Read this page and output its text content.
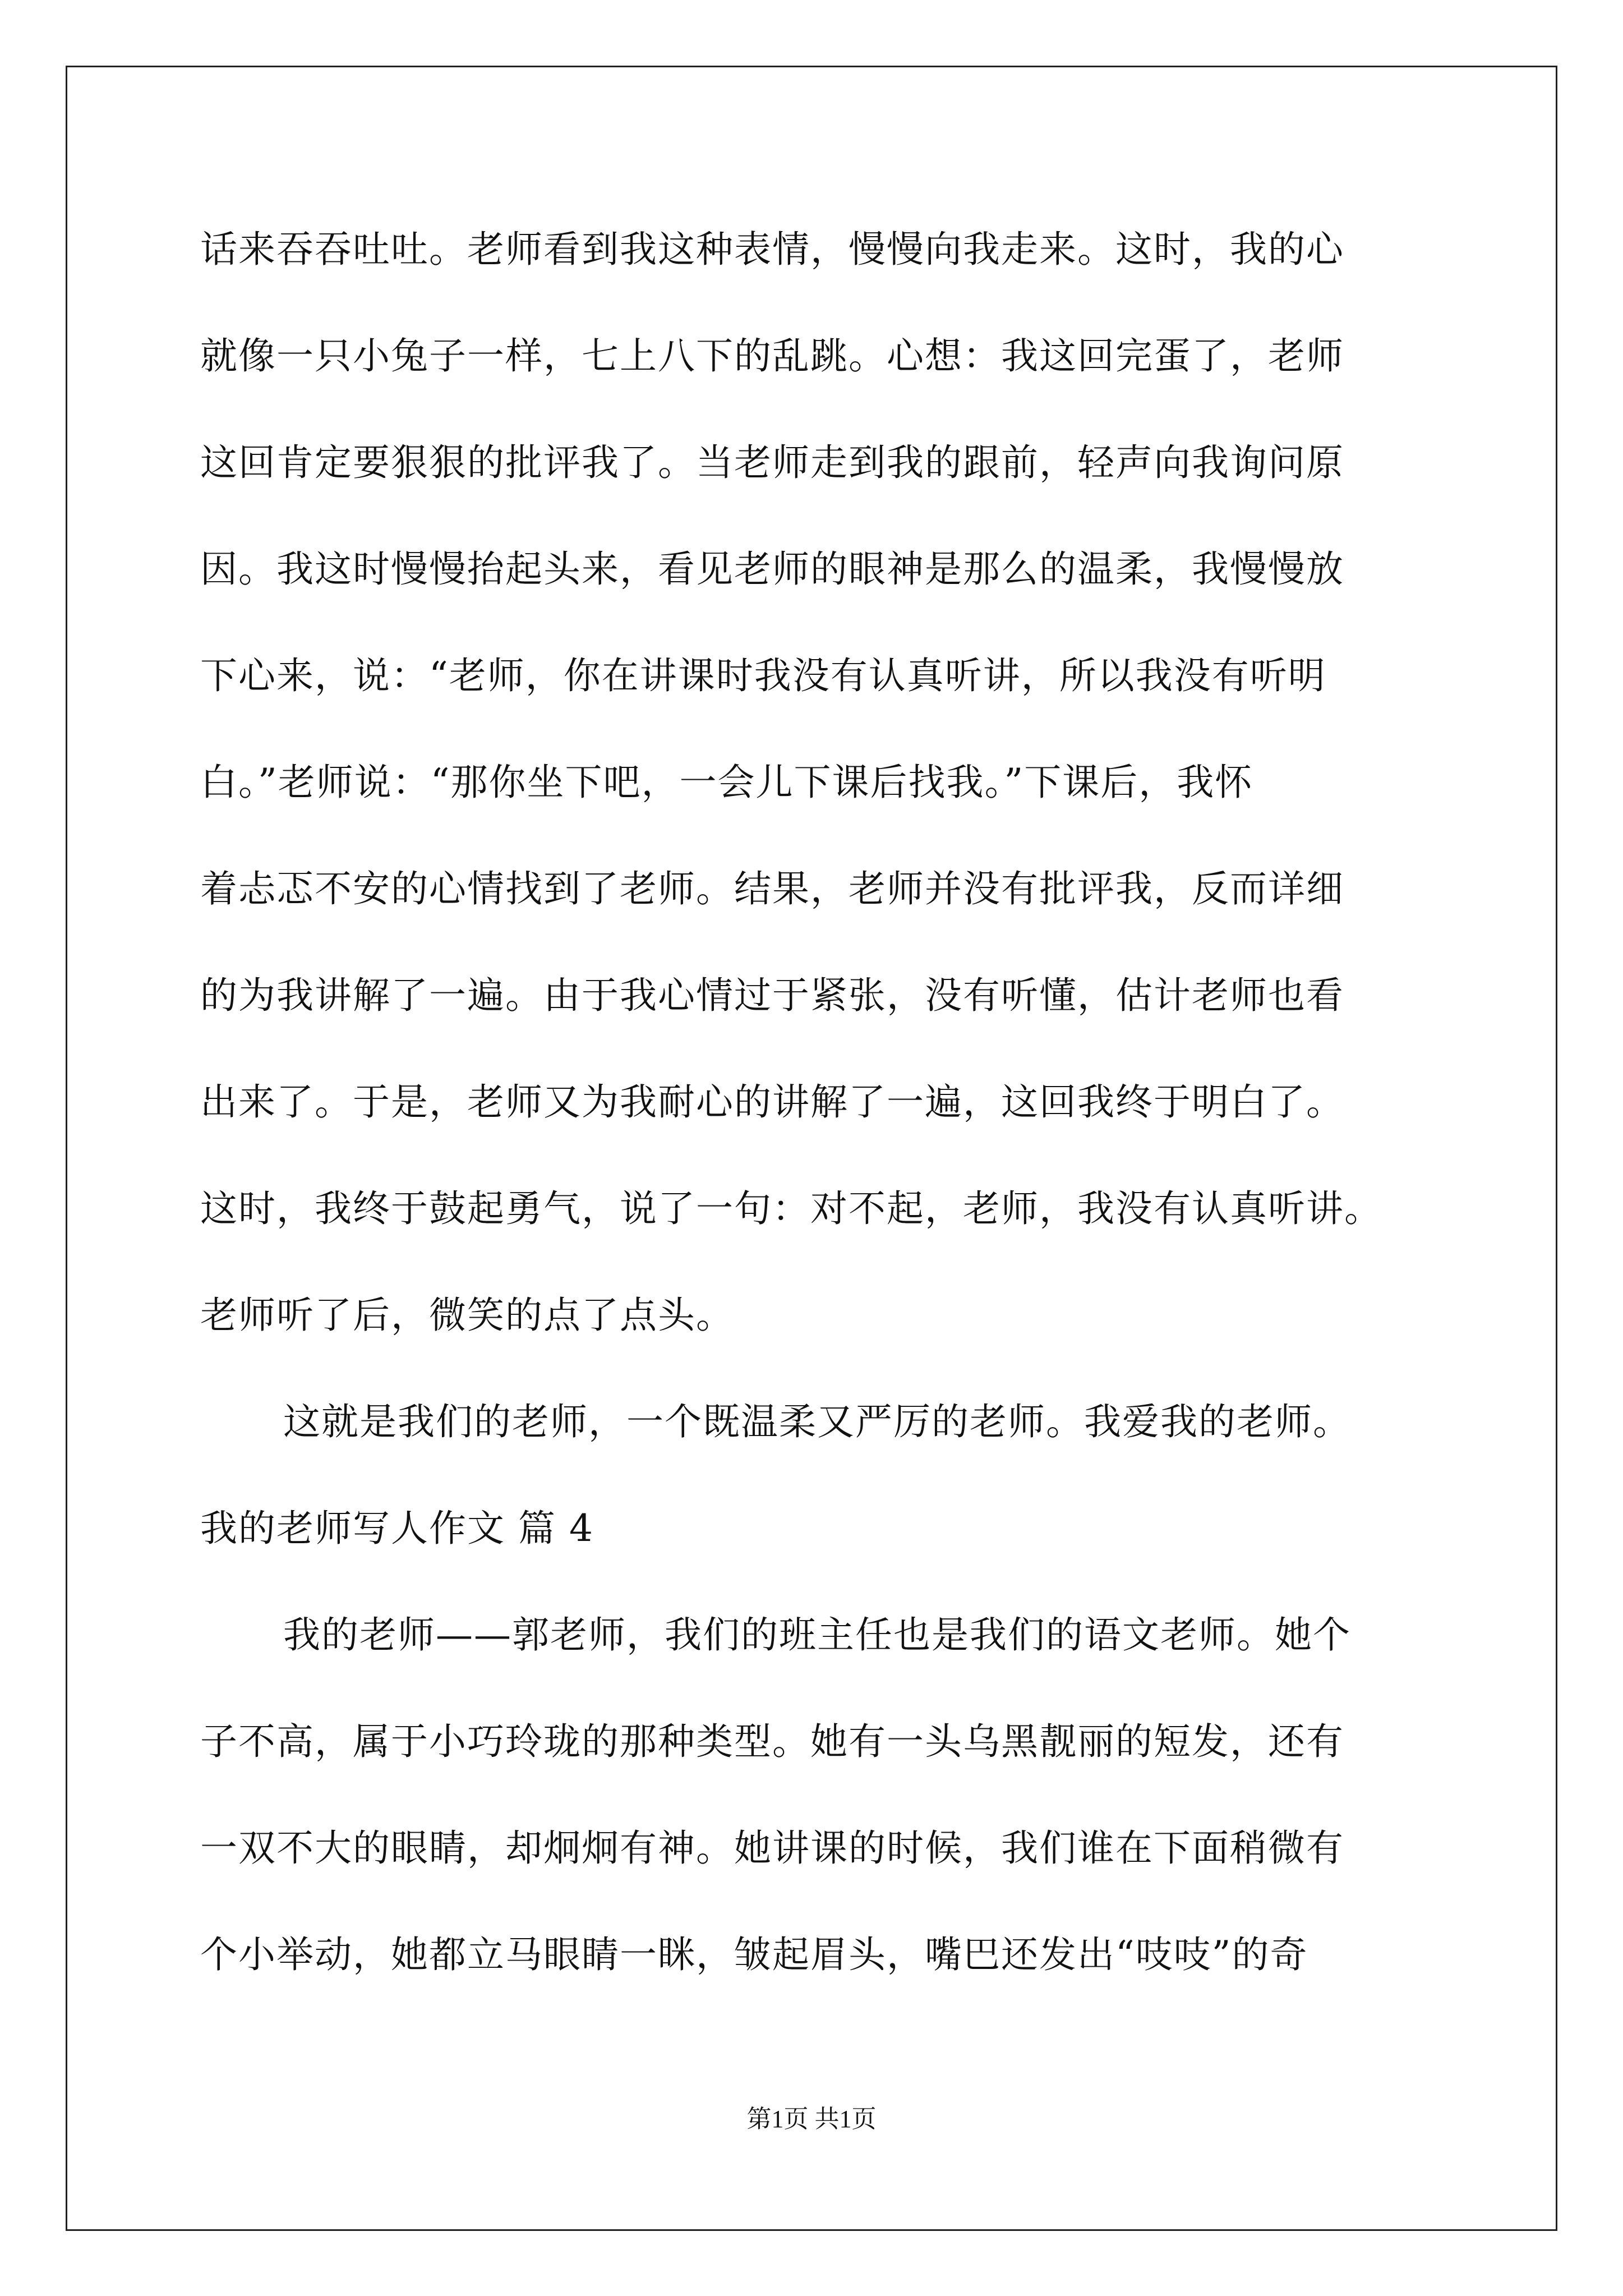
话来吞吞吐吐。老师看到我这种表情，慢慢向我走来。这时，我的心
就像一只小兔子一样，七上八下的乱跳。心想：我这回完蛋了，老师
这回肯定要狠狠的批评我了。当老师走到我的跟前，轻声向我询问原
因。我这时慢慢抬起头来，看见老师的眼神是那么的温柔，我慢慢放
下心来，说：“老师，你在讲课时我没有认真听讲，所以我没有听明
白。”老师说：“那你坐下吧，一会儿下课后找我。”下课后，我怀
着忐忑不安的心情找到了老师。结果，老师并没有批评我，反而详细
的为我讲解了一遍。由于我心情过于紧张，没有听懂，估计老师也看
出来了。于是，老师又为我耐心的讲解了一遍，这回我终于明白了。
这时，我终于鼓起勇气，说了一句：对不起，老师，我没有认真听讲。
老师听了后，微笑的点了点头。
这就是我们的老师，一个既温柔又严厉的老师。我爱我的老师。
我的老师写人作文 篇 4
我的老师——郭老师，我们的班主任也是我们的语文老师。她个
子不高，属于小巧玲珑的那种类型。她有一头乌黑靓丽的短发，还有
一双不大的眼睛，却炯炯有神。她讲课的时候，我们谁在下面稍微有
个小举动，她都立马眼睛一眯，皱起眉头，嘴巴还发出“吱吱”的奇
第1页 共1页
